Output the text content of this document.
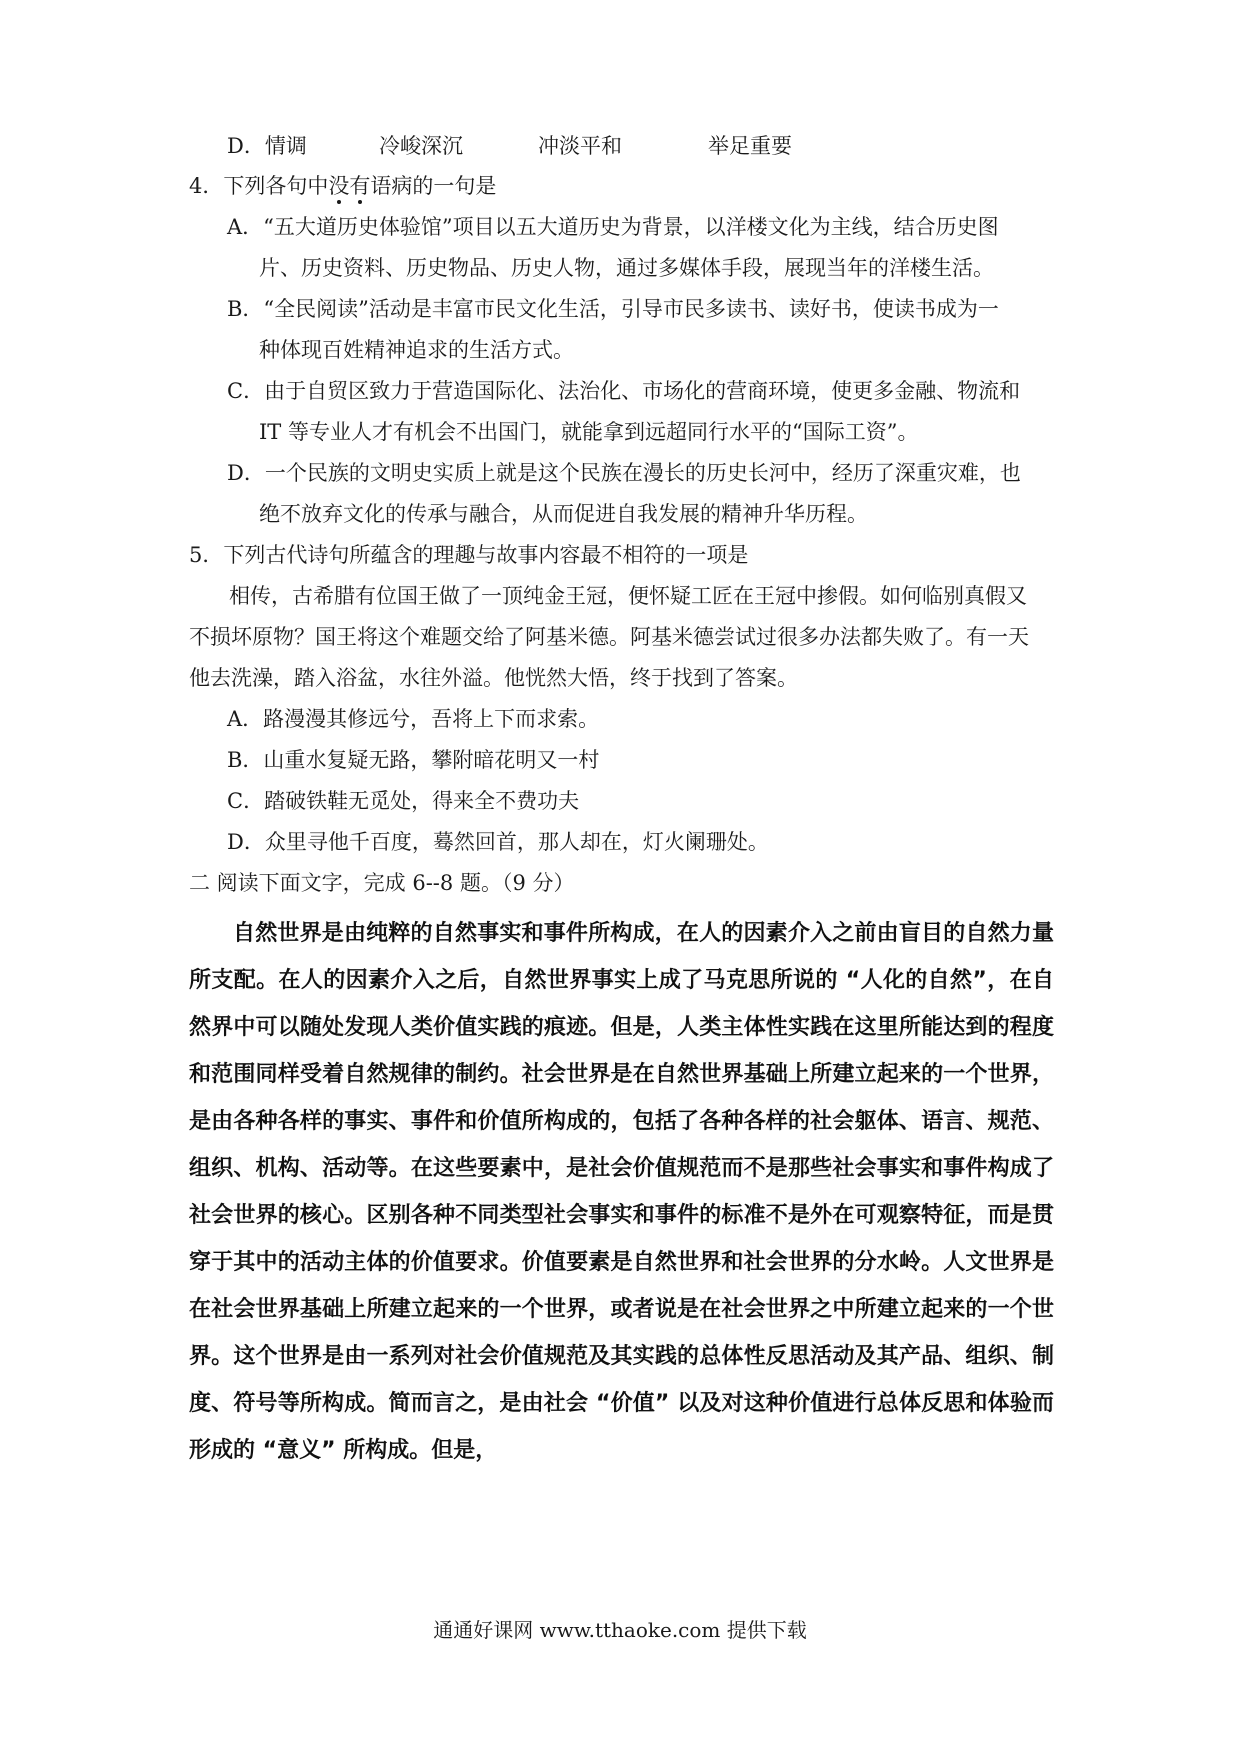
D．情调	冷峻深沉	冲淡平和	举足重要
4．下列各句中没有语病的一句是
A．“五大道历史体验馆”项目以五大道历史为背景，以洋楼文化为主线，结合历史图
片、历史资料、历史物品、历史人物，通过多媒体手段，展现当年的洋楼生活。
B．“全民阅读”活动是丰富市民文化生活，引导市民多读书、读好书，使读书成为一
种体现百姓精神追求的生活方式。
C．由于自贸区致力于营造国际化、法治化、市场化的营商环境，使更多金融、物流和
IT 等专业人才有机会不出国门，就能拿到远超同行水平的“国际工资”。
D．一个民族的文明史实质上就是这个民族在漫长的历史长河中，经历了深重灾难，也
绝不放弃文化的传承与融合，从而促进自我发展的精神升华历程。
5．下列古代诗句所蕴含的理趣与故事内容最不相符的一项是
相传，古希腊有位国王做了一顶纯金王冠，便怀疑工匠在王冠中掺假。如何临别真假又
不损坏原物？国王将这个难题交给了阿基米德。阿基米德尝试过很多办法都失败了。有一天
他去洗澡，踏入浴盆，水往外溢。他恍然大悟，终于找到了答案。
A．路漫漫其修远兮，吾将上下而求索。
B．山重水复疑无路，攀附暗花明又一村
C．踏破铁鞋无觅处，得来全不费功夫
D．众里寻他千百度，蓦然回首，那人却在，灯火阑珊处。
二 阅读下面文字，完成 6--8 题。（9 分）

自然世界是由纯粹的自然事实和事件所构成，在人的因素介入之前由盲目的自然力量所支配。在人的因素介入之后，自然世界事实上成了马克思所说的 “人化的自然”，在自然界中可以随处发现人类价值实践的痕迹。但是，人类主体性实践在这里所能达到的程度和范围同样受着自然规律的制约。社会世界是在自然世界基础上所建立起来的一个世界，是由各种各样的事实、事件和价值所构成的，包括了各种各样的社会躯体、语言、规范、组织、机构、活动等。在这些要素中，是社会价值规范而不是那些社会事实和事件构成了社会世界的核心。区别各种不同类型社会事实和事件的标准不是外在可观察特征，而是贯穿于其中的活动主体的价值要求。价值要素是自然世界和社会世界的分水岭。人文世界是在社会世界基础上所建立起来的一个世界，或者说是在社会世界之中所建立起来的一个世界。这个世界是由一系列对社会价值规范及其实践的总体性反思活动及其产品、组织、制度、符号等所构成。简而言之，是由社会 “价值” 以及对这种价值进行总体反思和体验而形成的 “意义” 所构成。但是，

通通好课网 www.tthaoke.com 提供下载
